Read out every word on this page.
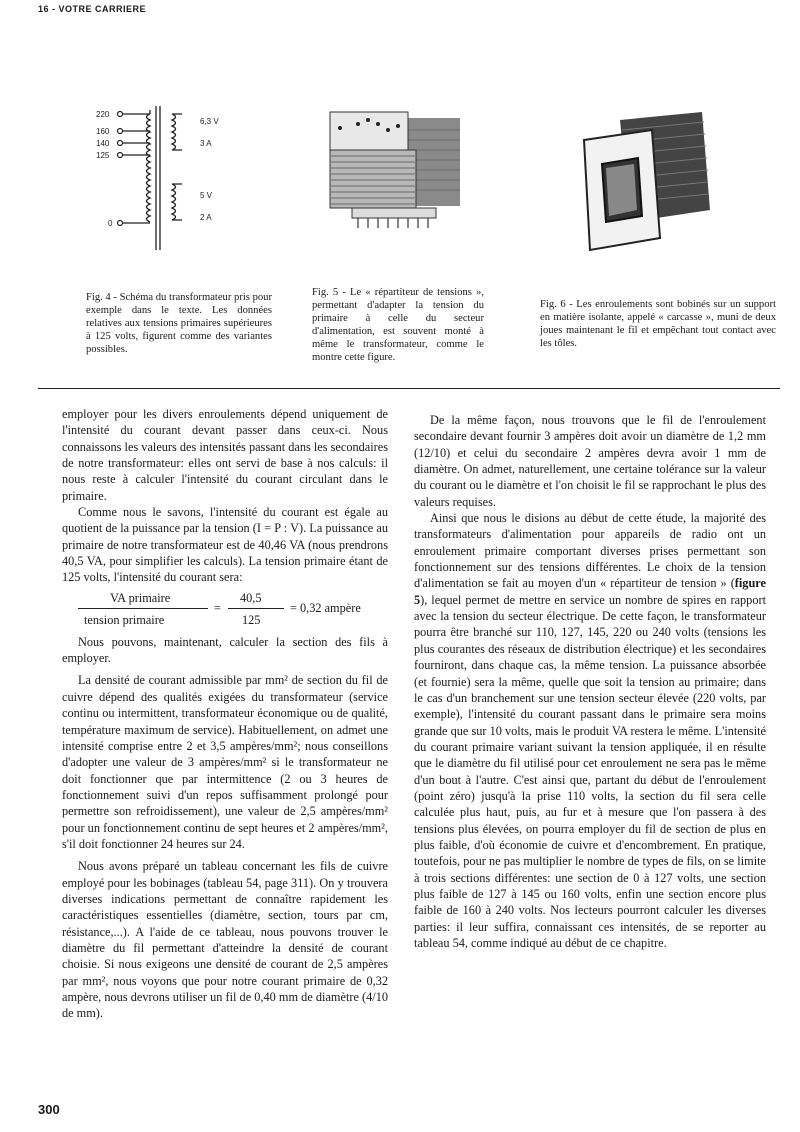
16 - VOTRE CARRIERE
220
160
140
125
0
6,3 V
3 A
5 V
2 A
Fig. 4 - Schéma du transformateur pris pour exemple dans le texte. Les données relatives aux tensions primaires supérieures à 125 volts, figurent comme des variantes possibles.
Fig. 5 - Le « répartiteur de tensions », permettant d'adapter la tension du primaire à celle du secteur d'alimentation, est souvent monté à même le transformateur, comme le montre cette figure.
Fig. 6 - Les enroulements sont bobinés sur un support en matière isolante, appelé « carcasse », muni de deux joues maintenant le fil et empêchant tout contact avec les tôles.

employer pour les divers enroulements dépend uniquement de l'intensité du courant devant passer dans ceux-ci. Nous connaissons les valeurs des intensités passant dans les secondaires de notre transformateur: elles ont servi de base à nos calculs: il nous reste à calculer l'intensité du courant circulant dans le primaire.

Comme nous le savons, l'intensité du courant est égale au quotient de la puissance par la tension (I = P : V). La puissance au primaire de notre transformateur est de 40,46 VA (nous prendrons 40,5 VA, pour simplifier les calculs). La tension primaire étant de 125 volts, l'intensité du courant sera:

VA primaire
tension primaire
=
40,5
125
= 0,32 ampère

Nous pouvons, maintenant, calculer la section des fils à employer.

La densité de courant admissible par mm² de section du fil de cuivre dépend des qualités exigées du transformateur (service continu ou intermittent, transformateur économique ou de qualité, température maximum de service). Habituellement, on admet une intensité comprise entre 2 et 3,5 ampères/mm²; nous conseillons d'adopter une valeur de 3 ampères/mm² si le transformateur ne doit fonctionner que par intermittence (2 ou 3 heures de fonctionnement suivi d'un repos suffisamment prolongé pour permettre son refroidissement), une valeur de 2,5 ampères/mm² pour un fonctionnement continu de sept heures et 2 ampères/mm², s'il doit fonctionner 24 heures sur 24.

Nous avons préparé un tableau concernant les fils de cuivre employé pour les bobinages (tableau 54, page 311). On y trouvera diverses indications permettant de connaître rapidement les caractéristiques essentielles (diamètre, section, tours par cm, résistance,...). A l'aide de ce tableau, nous pouvons trouver le diamètre du fil permettant d'atteindre la densité de courant choisie. Si nous exigeons une densité de courant de 2,5 ampères par mm², nous voyons que pour notre courant primaire de 0,32 ampère, nous devrons utiliser un fil de 0,40 mm de diamètre (4/10 de mm).

De la même façon, nous trouvons que le fil de l'enroulement secondaire devant fournir 3 ampères doit avoir un diamètre de 1,2 mm (12/10) et celui du secondaire 2 ampères devra avoir 1 mm de diamètre. On admet, naturellement, une certaine tolérance sur la valeur du courant ou le diamètre et l'on choisit le fil se rapprochant le plus des valeurs requises.

Ainsi que nous le disions au début de cette étude, la majorité des transformateurs d'alimentation pour appareils de radio ont un enroulement primaire comportant diverses prises permettant son fonctionnement sur des tensions différentes. Le choix de la tension d'alimentation se fait au moyen d'un « répartiteur de tension » (figure 5), lequel permet de mettre en service un nombre de spires en rapport avec la tension du secteur électrique. De cette façon, le transformateur pourra être branché sur 110, 127, 145, 220 ou 240 volts (tensions les plus courantes des réseaux de distribution électrique) et les secondaires fourniront, dans chaque cas, la même tension. La puissance absorbée (et fournie) sera la même, quelle que soit la tension au primaire; dans le cas d'un branchement sur une tension secteur élevée (220 volts, par exemple), l'intensité du courant passant dans le primaire sera moins grande que sur 10 volts, mais le produit VA restera le même. L'intensité du courant primaire variant suivant la tension appliquée, il en résulte que le diamètre du fil utilisé pour cet enroulement ne sera pas le même d'un bout à l'autre. C'est ainsi que, partant du début de l'enroulement (point zéro) jusqu'à la prise 110 volts, la section du fil sera celle calculée plus haut, puis, au fur et à mesure que l'on passera à des tensions plus élevées, on pourra employer du fil de section de plus en plus faible, d'où économie de cuivre et d'encombrement. En pratique, toutefois, pour ne pas multiplier le nombre de types de fils, on se limite à trois sections différentes: une section de 0 à 127 volts, une section plus faible de 127 à 145 ou 160 volts, enfin une section encore plus faible de 160 à 240 volts. Nos lecteurs pourront calculer les diverses parties: il leur suffira, connaissant ces intensités, de se reporter au tableau 54, comme indiqué au début de ce chapitre.

300
